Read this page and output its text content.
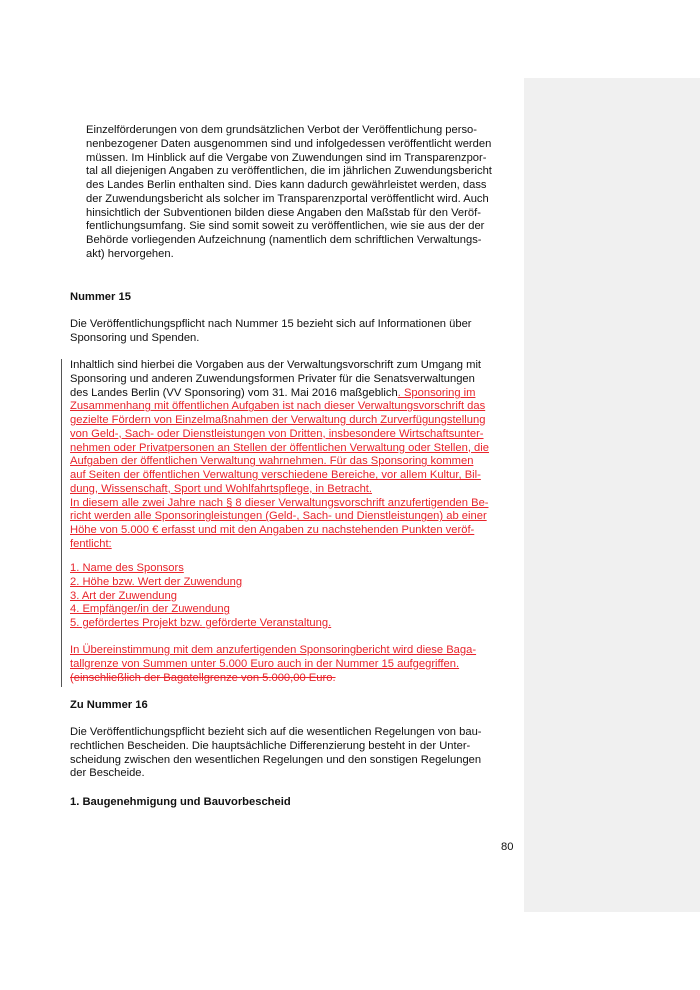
Einzelförderungen von dem grundsätzlichen Verbot der Veröffentlichung perso-
nenbezogener Daten ausgenommen sind und infolgedessen veröffentlicht werden
müssen. Im Hinblick auf die Vergabe von Zuwendungen sind im Transparenzpor-
tal all diejenigen Angaben zu veröffentlichen, die im jährlichen Zuwendungsbericht
des Landes Berlin enthalten sind. Dies kann dadurch gewährleistet werden, dass
der Zuwendungsbericht als solcher im Transparenzportal veröffentlicht wird. Auch
hinsichtlich der Subventionen bilden diese Angaben den Maßstab für den Veröf-
fentlichungsumfang. Sie sind somit soweit zu veröffentlichen, wie sie aus der der
Behörde vorliegenden Aufzeichnung (namentlich dem schriftlichen Verwaltungs-
akt) hervorgehen.
Nummer 15
Die Veröffentlichungspflicht nach Nummer 15 bezieht sich auf Informationen über
Sponsoring und Spenden.
Inhaltlich sind hierbei die Vorgaben aus der Verwaltungsvorschrift zum Umgang mit
Sponsoring und anderen Zuwendungsformen Privater für die Senatsverwaltungen
des Landes Berlin (VV Sponsoring) vom 31. Mai 2016 maßgeblich. Sponsoring im
Zusammenhang mit öffentlichen Aufgaben ist nach dieser Verwaltungsvorschrift das
gezielte Fördern von Einzelmaßnahmen der Verwaltung durch Zurverfügungstellung
von Geld-, Sach- oder Dienstleistungen von Dritten, insbesondere Wirtschaftsunter-
nehmen oder Privatpersonen an Stellen der öffentlichen Verwaltung oder Stellen, die
Aufgaben der öffentlichen Verwaltung wahrnehmen. Für das Sponsoring kommen
auf Seiten der öffentlichen Verwaltung verschiedene Bereiche, vor allem Kultur, Bil-
dung, Wissenschaft, Sport und Wohlfahrtspflege, in Betracht.
In diesem alle zwei Jahre nach § 8 dieser Verwaltungsvorschrift anzufertigenden Be-
richt werden alle Sponsoringleistungen (Geld-, Sach- und Dienstleistungen) ab einer
Höhe von 5.000 € erfasst und mit den Angaben zu nachstehenden Punkten veröf-
fentlicht:
1. Name des Sponsors
2. Höhe bzw. Wert der Zuwendung
3. Art der Zuwendung
4. Empfänger/in der Zuwendung
5. gefördertes Projekt bzw. geförderte Veranstaltung.
In Übereinstimmung mit dem anzufertigenden Sponsoringbericht wird diese Baga-
tallgrenze von Summen unter 5.000 Euro auch in der Nummer 15 aufgegriffen.
(einschließlich der Bagatellgrenze von 5.000,00 Euro.
Zu Nummer 16
Die Veröffentlichungspflicht bezieht sich auf die wesentlichen Regelungen von bau-
rechtlichen Bescheiden. Die hauptsächliche Differenzierung besteht in der Unter-
scheidung zwischen den wesentlichen Regelungen und den sonstigen Regelungen
der Bescheide.
1. Baugenehmigung und Bauvorbescheid
80
